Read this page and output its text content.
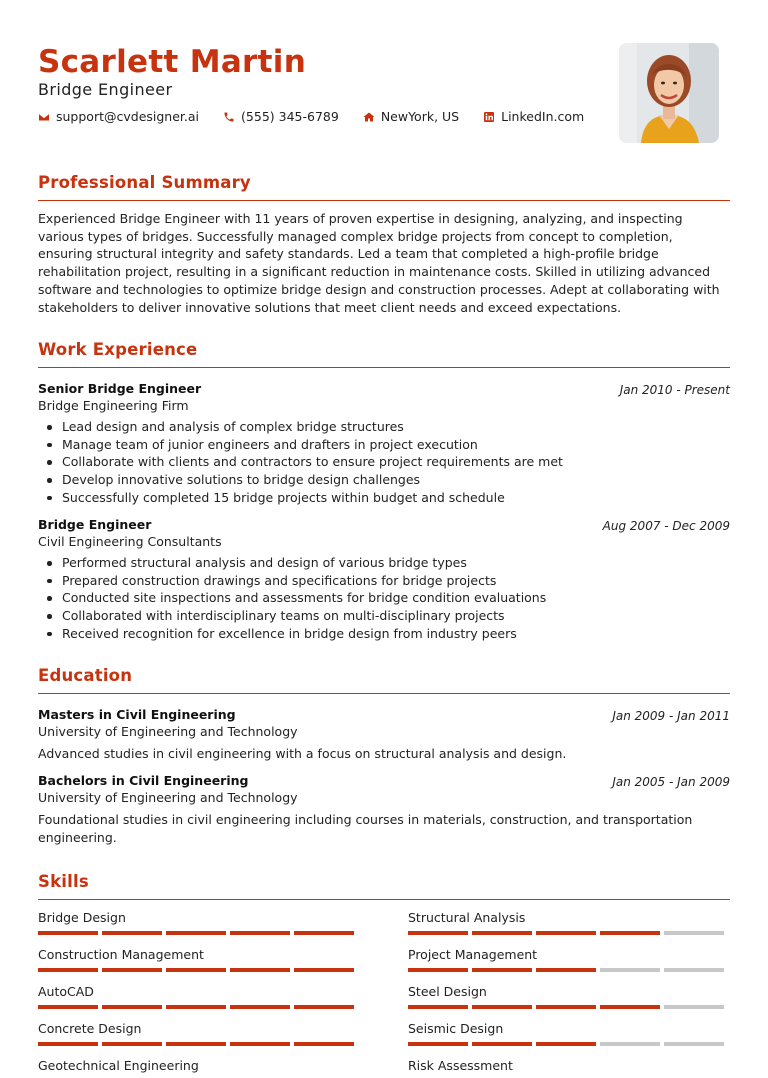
Scarlett Martin
Bridge Engineer
support@cvdesigner.ai	(555) 345-6789	NewYork, US	LinkedIn.com
Professional Summary

Experienced Bridge Engineer with 11 years of proven expertise in designing, analyzing, and inspecting various types of bridges. Successfully managed complex bridge projects from concept to completion, ensuring structural integrity and safety standards. Led a team that completed a high-profile bridge rehabilitation project, resulting in a significant reduction in maintenance costs. Skilled in utilizing advanced software and technologies to optimize bridge design and construction processes. Adept at collaborating with stakeholders to deliver innovative solutions that meet client needs and exceed expectations.

Work Experience
Senior Bridge Engineer
Bridge Engineering Firm
Jan 2010 - Present
Lead design and analysis of complex bridge structures
Manage team of junior engineers and drafters in project execution
Collaborate with clients and contractors to ensure project requirements are met
Develop innovative solutions to bridge design challenges
Successfully completed 15 bridge projects within budget and schedule
Bridge Engineer
Civil Engineering Consultants
Aug 2007 - Dec 2009
Performed structural analysis and design of various bridge types
Prepared construction drawings and specifications for bridge projects
Conducted site inspections and assessments for bridge condition evaluations
Collaborated with interdisciplinary teams on multi-disciplinary projects
Received recognition for excellence in bridge design from industry peers
Education
Masters in Civil Engineering
University of Engineering and Technology
Jan 2009 - Jan 2011

Advanced studies in civil engineering with a focus on structural analysis and design.

Bachelors in Civil Engineering
University of Engineering and Technology
Jan 2005 - Jan 2009

Foundational studies in civil engineering including courses in materials, construction, and transportation engineering.

Skills
Bridge Design	Structural Analysis
Construction Management	Project Management
AutoCAD	Steel Design
Concrete Design	Seismic Design
Geotechnical Engineering	Risk Assessment
